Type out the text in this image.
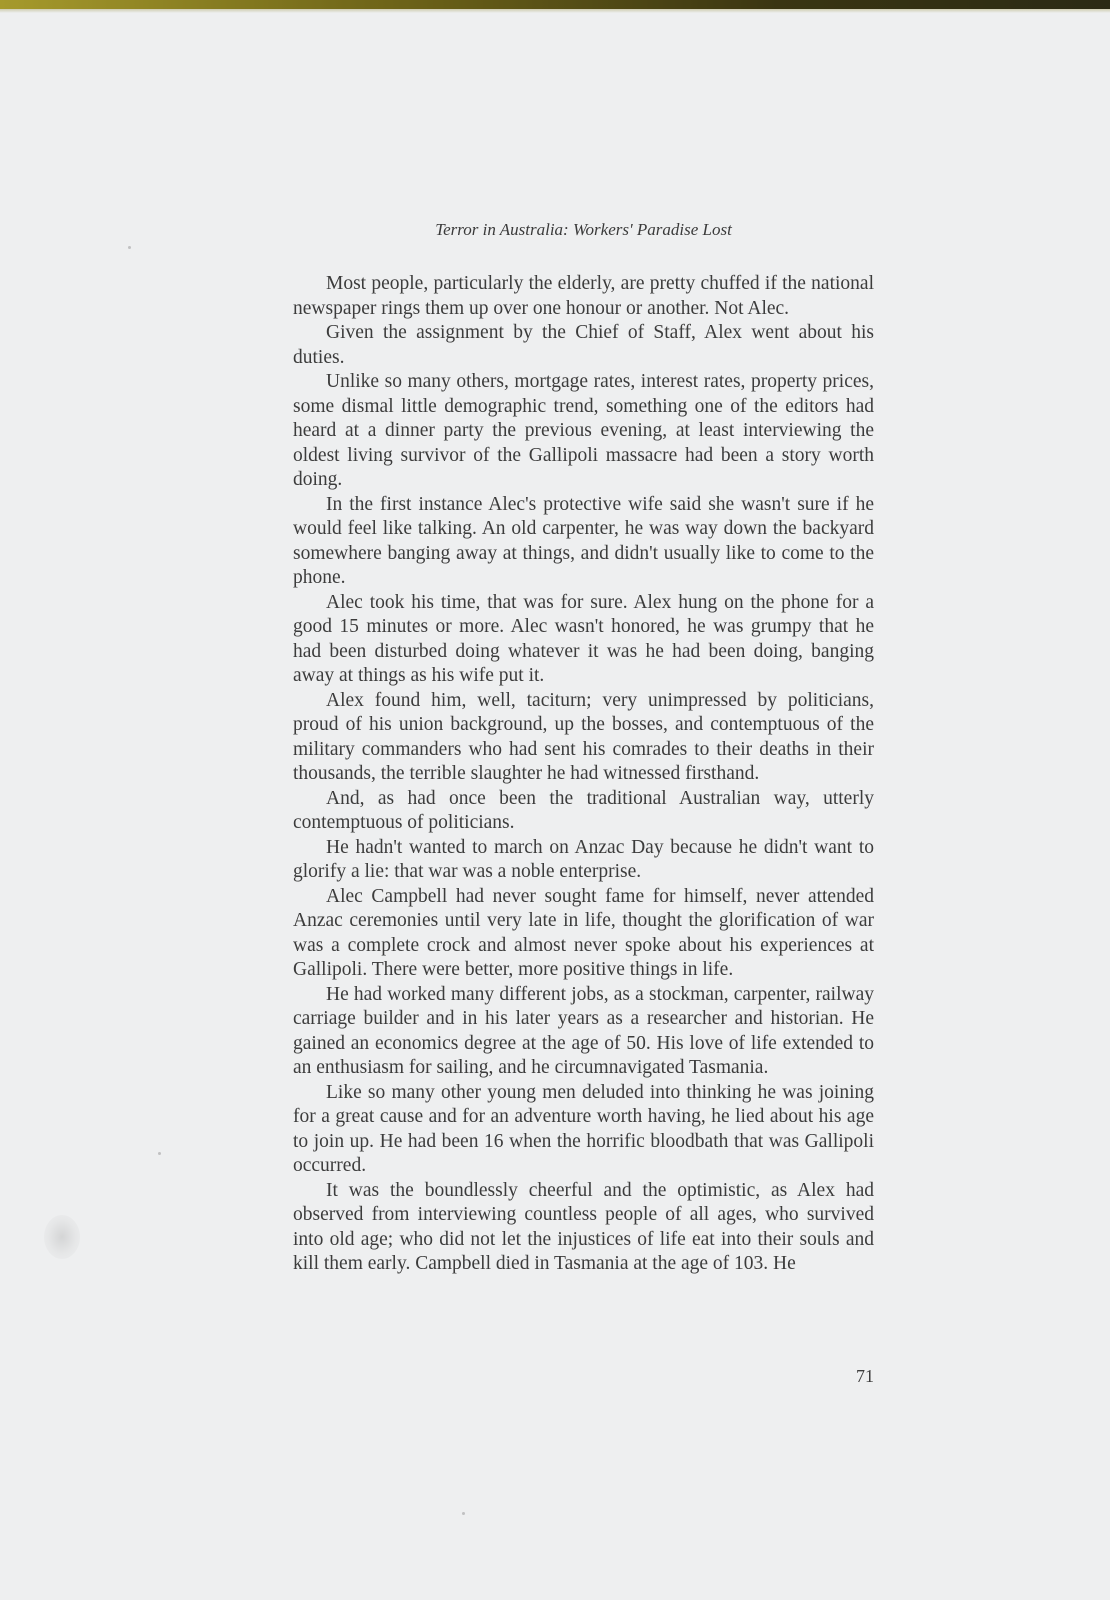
Terror in Australia: Workers' Paradise Lost

Most people, particularly the elderly, are pretty chuffed if the national newspaper rings them up over one honour or another. Not Alec.

Given the assignment by the Chief of Staff, Alex went about his duties.

Unlike so many others, mortgage rates, interest rates, property prices, some dismal little demographic trend, something one of the editors had heard at a dinner party the previous evening, at least interviewing the oldest living survivor of the Gallipoli massacre had been a story worth doing.

In the first instance Alec's protective wife said she wasn't sure if he would feel like talking. An old carpenter, he was way down the backyard somewhere banging away at things, and didn't usually like to come to the phone.

Alec took his time, that was for sure. Alex hung on the phone for a good 15 minutes or more. Alec wasn't honored, he was grumpy that he had been disturbed doing whatever it was he had been doing, banging away at things as his wife put it.

Alex found him, well, taciturn; very unimpressed by politicians, proud of his union background, up the bosses, and contemptuous of the military commanders who had sent his comrades to their deaths in their thousands, the terrible slaughter he had witnessed firsthand.

And, as had once been the traditional Australian way, utterly contemptuous of politicians.

He hadn't wanted to march on Anzac Day because he didn't want to glorify a lie: that war was a noble enterprise.

Alec Campbell had never sought fame for himself, never attended Anzac ceremonies until very late in life, thought the glorification of war was a complete crock and almost never spoke about his experiences at Gallipoli. There were better, more positive things in life.

He had worked many different jobs, as a stockman, carpenter, railway carriage builder and in his later years as a researcher and historian. He gained an economics degree at the age of 50. His love of life extended to an enthusiasm for sailing, and he circumnavigated Tasmania.

Like so many other young men deluded into thinking he was joining for a great cause and for an adventure worth having, he lied about his age to join up. He had been 16 when the horrific bloodbath that was Gallipoli occurred.

It was the boundlessly cheerful and the optimistic, as Alex had observed from interviewing countless people of all ages, who survived into old age; who did not let the injustices of life eat into their souls and kill them early. Campbell died in Tasmania at the age of 103. He

71
